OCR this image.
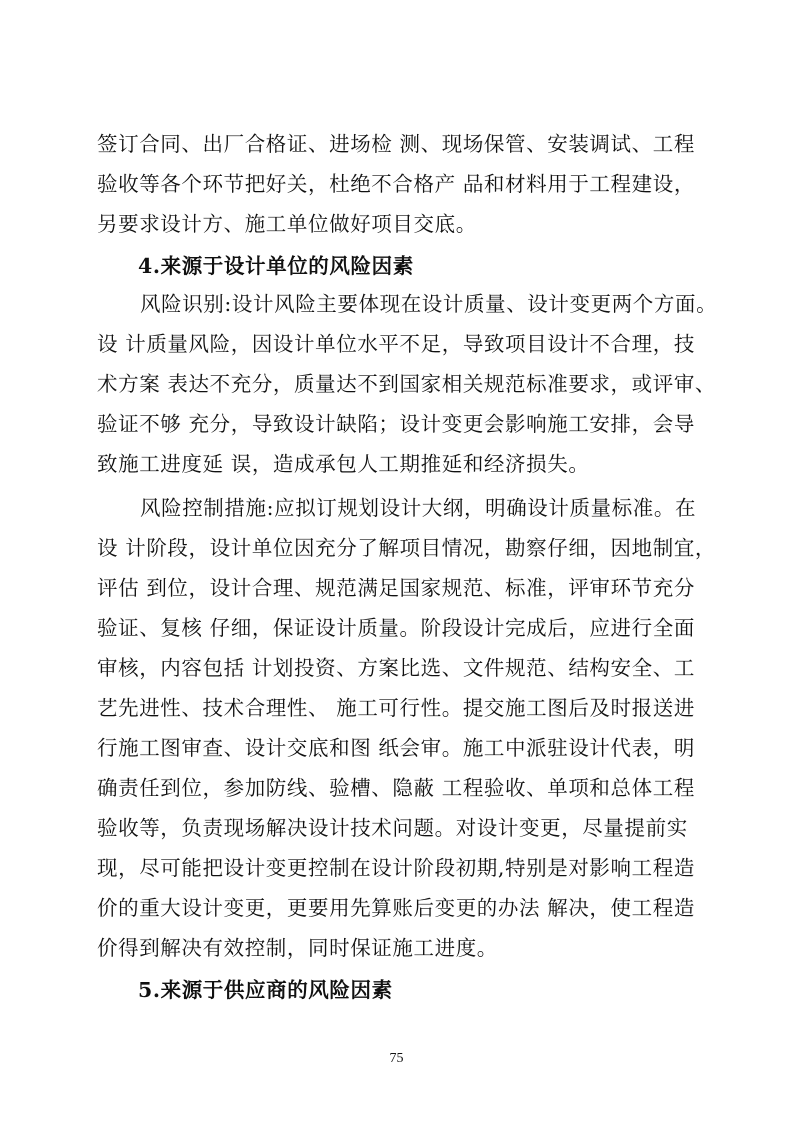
签订合同、出厂合格证、进场检 测、现场保管、安装调试、工程
验收等各个环节把好关，杜绝不合格产 品和材料用于工程建设，
另要求设计方、施工单位做好项目交底。
4.来源于设计单位的风险因素
风险识别:设计风险主要体现在设计质量、设计变更两个方面。
设 计质量风险，因设计单位水平不足，导致项目设计不合理，技
术方案 表达不充分，质量达不到国家相关规范标准要求，或评审、
验证不够 充分，导致设计缺陷；设计变更会影响施工安排，会导
致施工进度延 误，造成承包人工期推延和经济损失。
风险控制措施:应拟订规划设计大纲，明确设计质量标准。在
设 计阶段，设计单位因充分了解项目情况，勘察仔细，因地制宜，
评估 到位，设计合理、规范满足国家规范、标准，评审环节充分
验证、复核 仔细，保证设计质量。阶段设计完成后，应进行全面
审核，内容包括 计划投资、方案比选、文件规范、结构安全、工
艺先进性、技术合理性、 施工可行性。提交施工图后及时报送进
行施工图审查、设计交底和图 纸会审。施工中派驻设计代表，明
确责任到位，参加防线、验槽、隐蔽 工程验收、单项和总体工程
验收等，负责现场解决设计技术问题。对设计变更，尽量提前实
现，尽可能把设计变更控制在设计阶段初期,特别是对影响工程造
价的重大设计变更，更要用先算账后变更的办法 解决，使工程造
价得到解决有效控制，同时保证施工进度。
5.来源于供应商的风险因素
75
